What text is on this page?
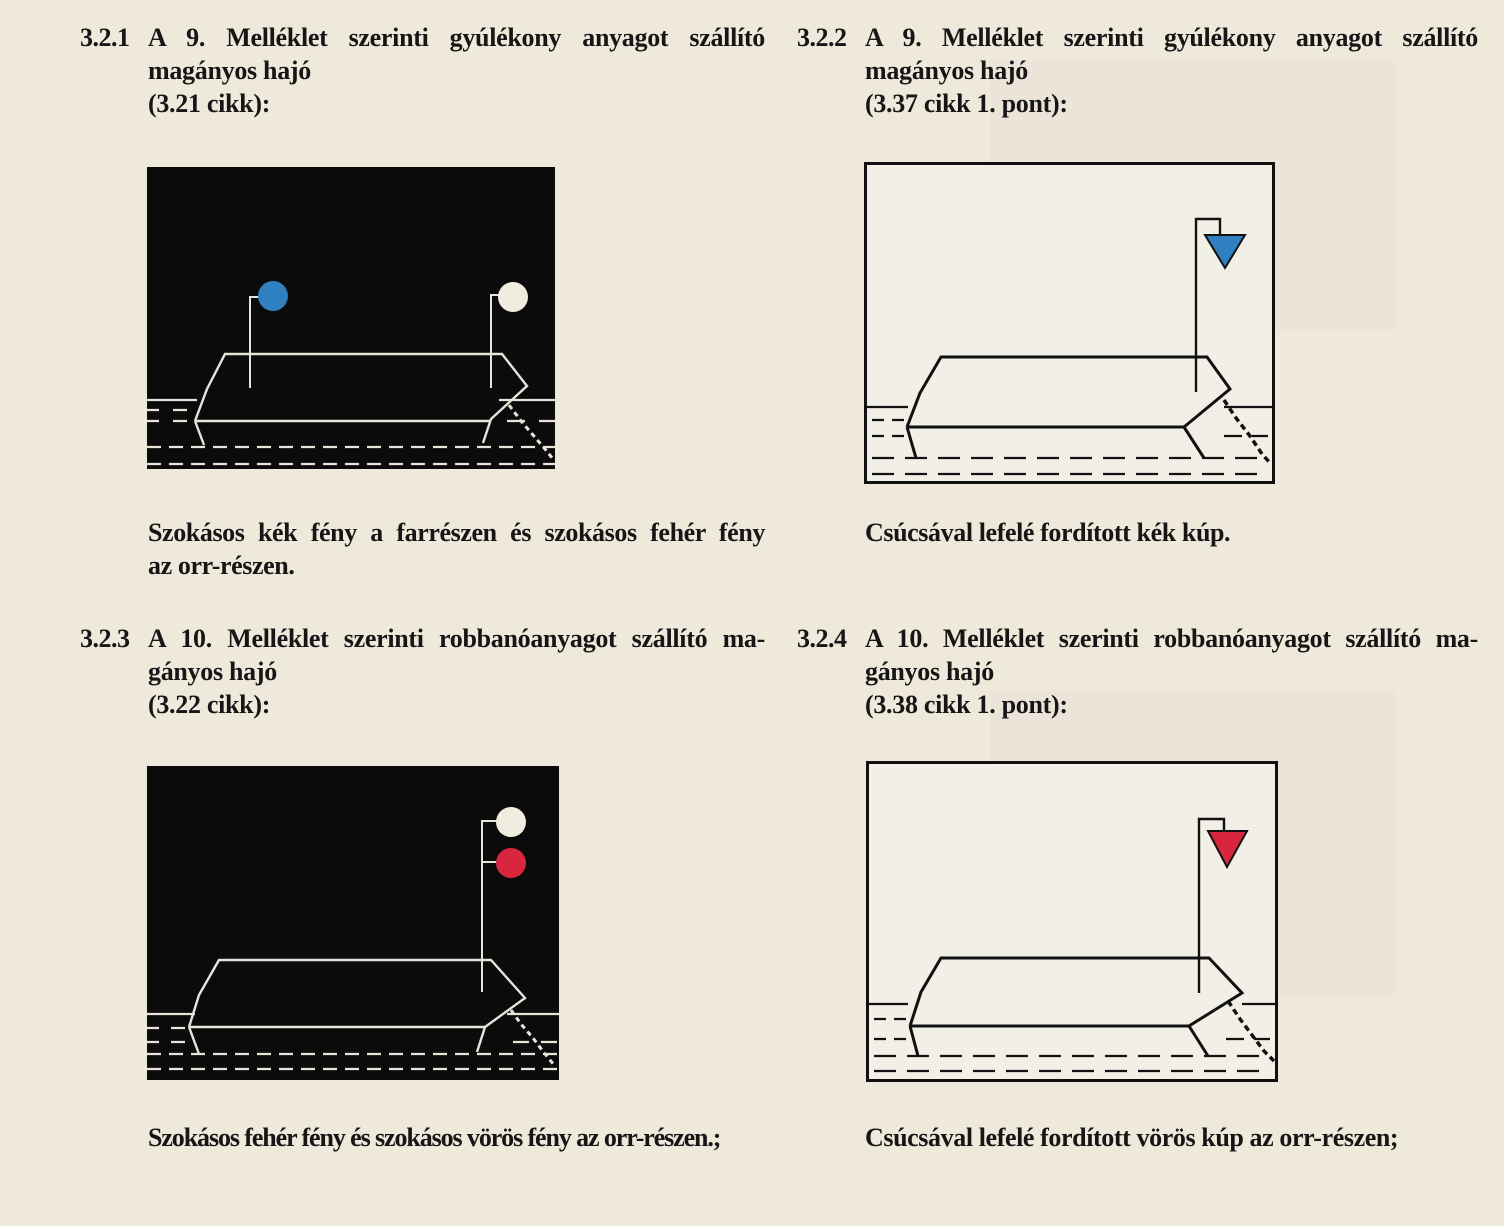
3.2.1 A 9. Melléklet szerinti gyúlékony anyagot szállító
magányos hajó
(3.21 cikk):
Szokásos kék fény a farrészen és szokásos fehér fény
az orr-részen.
3.2.2 A 9. Melléklet szerinti gyúlékony anyagot szállító
magányos hajó
(3.37 cikk 1. pont):
Csúcsával lefelé fordított kék kúp.
3.2.3 A 10. Melléklet szerinti robbanóanyagot szállító ma-
gányos hajó
(3.22 cikk):
Szokásos fehér fény és szokásos vörös fény az orr-részen.;
3.2.4 A 10. Melléklet szerinti robbanóanyagot szállító ma-
gányos hajó
(3.38 cikk 1. pont):
Csúcsával lefelé fordított vörös kúp az orr-részen;
